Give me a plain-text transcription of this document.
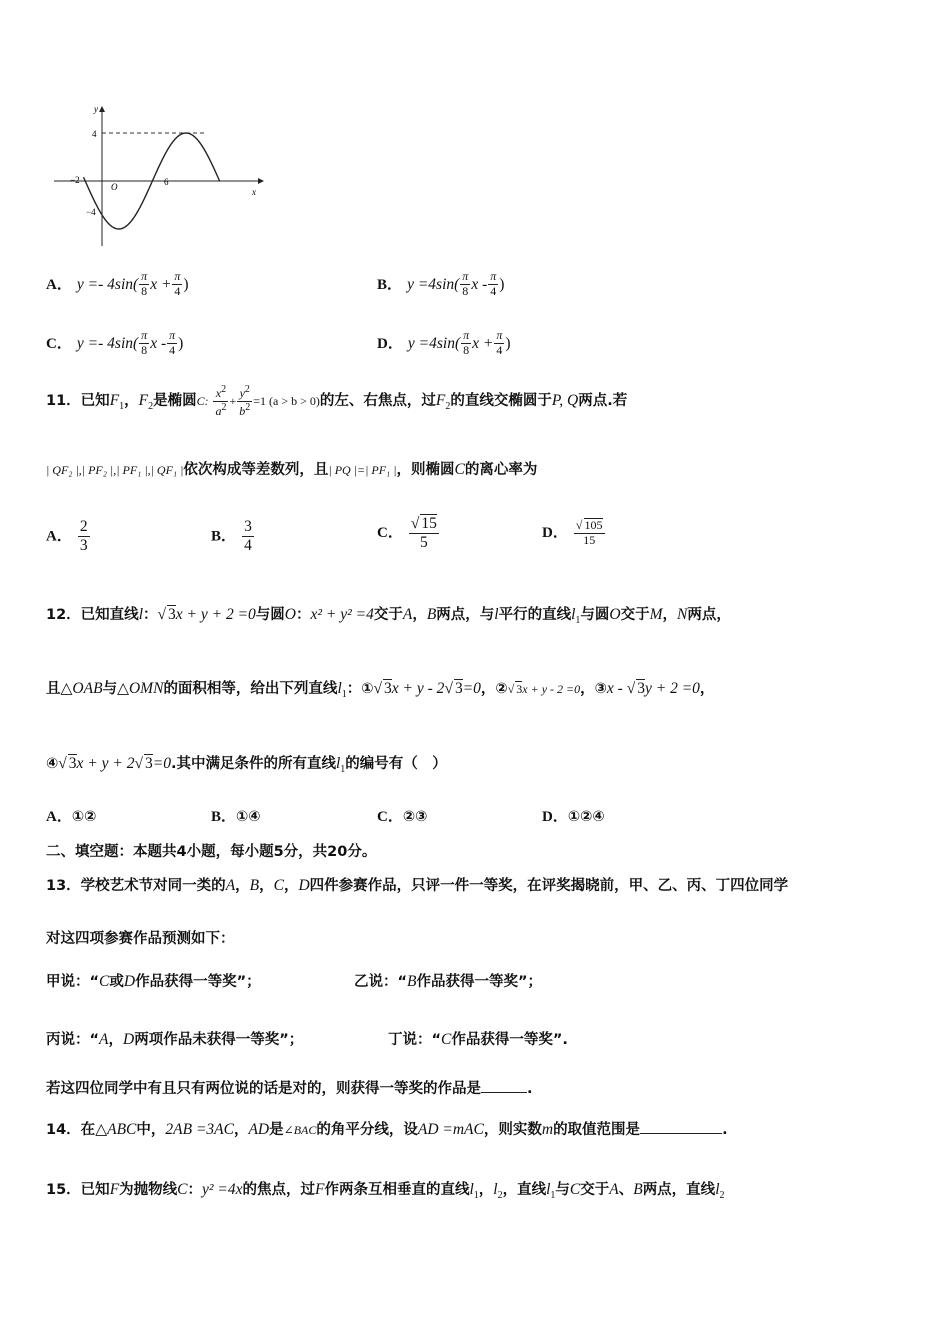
y
x
O
4
−4
−2	6
A． $y =- 4\sin( \frac{\pi}{8}$ $x + \frac{\pi}{4}$ )	B． $y =4\sin( \frac{\pi}{8}$ x - $\frac{\pi}{4}$ )
C． $y =- 4\sin( \frac{\pi}{8}$ x - $\frac{\pi}{4}$ )	D． $y =4\sin( \frac{\pi}{8}$ $x + \frac{\pi}{4}$ )
11．已知$F_1$，$F_2$是椭圆C: $\frac{x^2}{a^2} + \frac{y^2}{b^2} =1$ (a > b > 0)的左、右焦点，过$F_2$的直线交椭圆于P, Q两点.若
| QF₂ |,| PF₂ |,| PF₁ |,| QF₁ |依次构成等差数列，且| PQ |=| PF₁ |，则椭圆C的离心率为
A． $\frac{2}{3}$	B． $\frac{3}{4}$	C． $\frac{√ 15}{5}$	D． $\frac{√ 105}{15}$
12．已知直线l：√ 3x + y + 2 =0与圆O：x² + y² =4交于A，B两点，与l平行的直线$l_1$与圆O交于M，N两点，
且△OAB与△OMN的面积相等，给出下列直线$l_1$：①√ 3x + y - 2√ 3=0，②√ 3x + y - 2 =0，③x - √ 3y + 2 =0，
④√ 3x + y + 2√ 3=0.其中满足条件的所有直线$l_1$的编号有（　）
A．①②	B．①④	C．②③	D．①②④
二、填空题：本题共4小题，每小题5分，共20分。
13．学校艺术节对同一类的A，B，C，D四件参赛作品，只评一件一等奖，在评奖揭晓前，甲、乙、丙、丁四位同学
对这四项参赛作品预测如下：
甲说：“C或D作品获得一等奖”；	乙说：“B作品获得一等奖”；
丙说：“A，D两项作品未获得一等奖”；	丁说：“C作品获得一等奖”.
若这四位同学中有且只有两位说的话是对的，则获得一等奖的作品是	.
14．在△ABC中，2AB =3AC，AD是∠BAC的角平分线，设AD =mAC，则实数m的取值范围是	.
15．已知F为抛物线C：y² =4x的焦点，过F作两条互相垂直的直线$l_1$，$l_2$，直线$l_1$与C交于A、B两点，直线$l_2$
